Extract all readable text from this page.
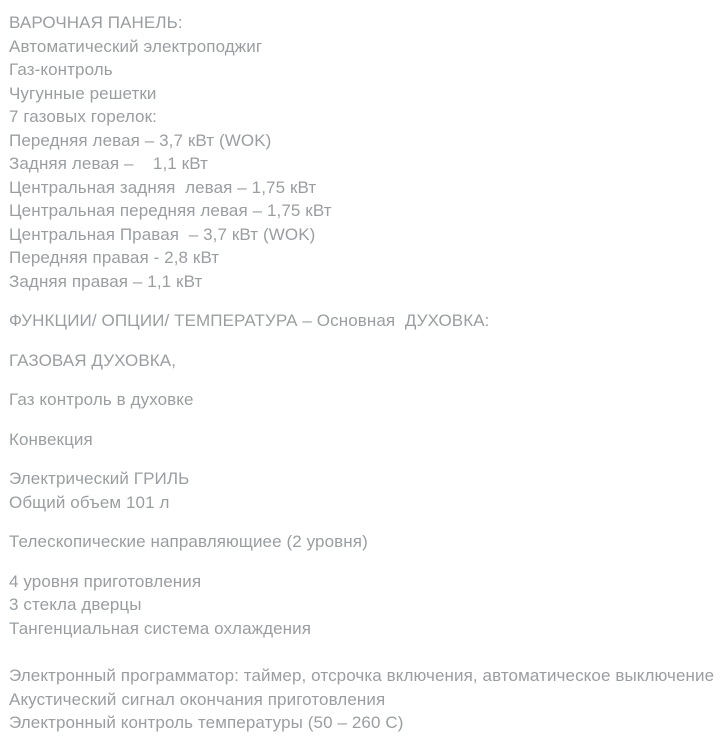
ВАРОЧНАЯ ПАНЕЛЬ:
Автоматический электроподжиг
Газ-контроль
Чугунные решетки
7 газовых горелок:
Передняя левая – 3,7 кВт (WOK)
Задняя левая –    1,1 кВт
Центральная задняя  левая – 1,75 кВт
Центральная передняя левая – 1,75 кВт
Центральная Правая  – 3,7 кВт (WOK)
Передняя правая - 2,8 кВт
Задняя правая – 1,1 кВт
ФУНКЦИИ/ ОПЦИИ/ ТЕМПЕРАТУРА – Основная  ДУХОВКА:
ГАЗОВАЯ ДУХОВКА,
Газ контроль в духовке
Конвекция
Электрический ГРИЛЬ
Общий объем 101 л
Телескопические направляющиее (2 уровня)
4 уровня приготовления
3 стекла дверцы
Тангенциальная система охлаждения
Электронный программатор: таймер, отсрочка включения, автоматическое выключение
Акустический сигнал окончания приготовления
Электронный контроль температуры (50 – 260 С)
